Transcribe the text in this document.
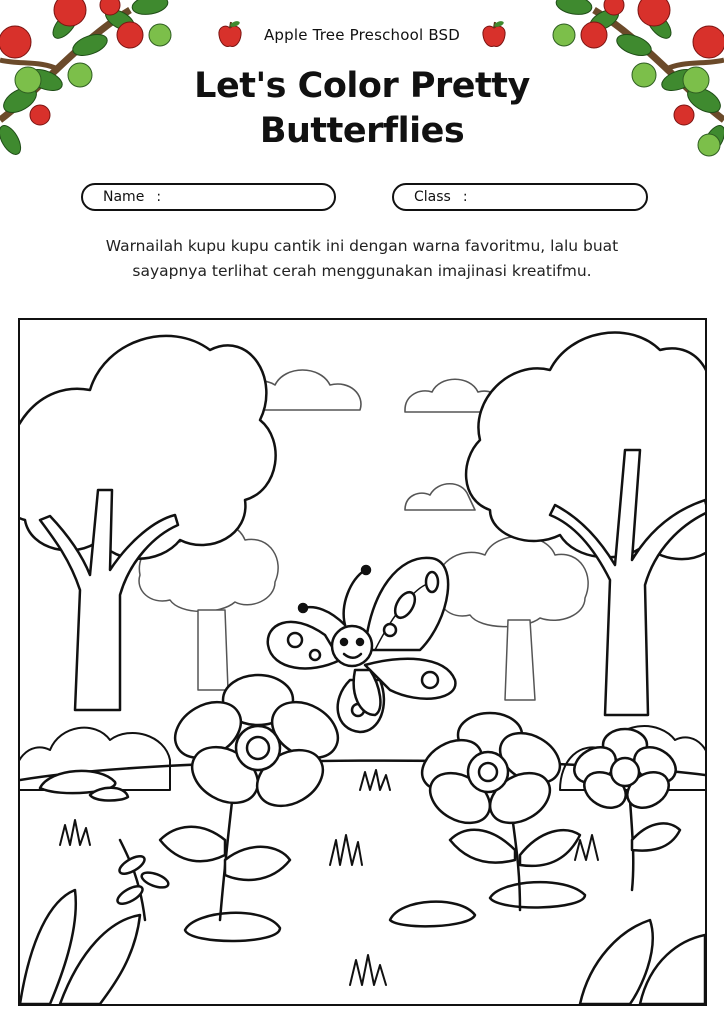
Apple Tree Preschool BSD
Let's Color Pretty
Butterflies
Name :	Class :
Warnailah kupu kupu cantik ini dengan warna favoritmu, lalu buat
sayapnya terlihat cerah menggunakan imajinasi kreatifmu.
